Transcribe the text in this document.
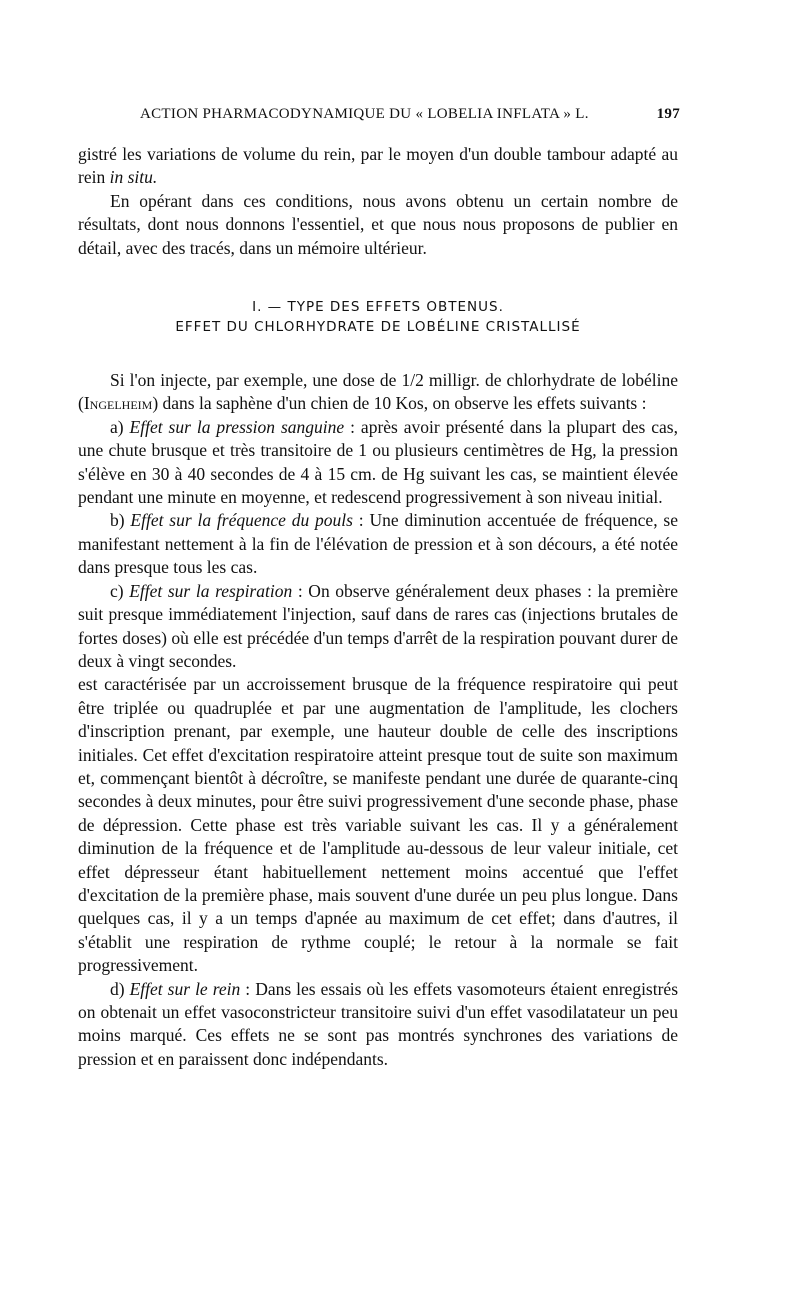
ACTION PHARMACODYNAMIQUE DU « LOBELIA INFLATA » L.	197

gistré les variations de volume du rein, par le moyen d'un double tambour adapté au rein in situ.

En opérant dans ces conditions, nous avons obtenu un certain nombre de résultats, dont nous donnons l'essentiel, et que nous nous proposons de publier en détail, avec des tracés, dans un mémoire ultérieur.

I. — TYPE DES EFFETS OBTENUS.
EFFET DU CHLORHYDRATE DE LOBÉLINE CRISTALLISÉ

Si l'on injecte, par exemple, une dose de 1/2 milligr. de chlorhydrate de lobéline (Ingelheim) dans la saphène d'un chien de 10 Kos, on observe les effets suivants :

a) Effet sur la pression sanguine : après avoir présenté dans la plupart des cas, une chute brusque et très transitoire de 1 ou plusieurs centimètres de Hg, la pression s'élève en 30 à 40 secondes de 4 à 15 cm. de Hg suivant les cas, se maintient élevée pendant une minute en moyenne, et redescend progressivement à son niveau initial.

b) Effet sur la fréquence du pouls : Une diminution accentuée de fréquence, se manifestant nettement à la fin de l'élévation de pression et à son décours, a été notée dans presque tous les cas.

c) Effet sur la respiration : On observe généralement deux phases : la première suit presque immédiatement l'injection, sauf dans de rares cas (injections brutales de fortes doses) où elle est précédée d'un temps d'arrêt de la respiration pouvant durer de deux à vingt secondes.

est caractérisée par un accroissement brusque de la fréquence respiratoire qui peut être triplée ou quadruplée et par une augmentation de l'amplitude, les clochers d'inscription prenant, par exemple, une hauteur double de celle des inscriptions initiales. Cet effet d'excitation respiratoire atteint presque tout de suite son maximum et, commençant bientôt à décroître, se manifeste pendant une durée de quarante-cinq secondes à deux minutes, pour être suivi progressivement d'une seconde phase, phase de dépression. Cette phase est très variable suivant les cas. Il y a généralement diminution de la fréquence et de l'amplitude au-dessous de leur valeur initiale, cet effet dépresseur étant habituellement nettement moins accentué que l'effet d'excitation de la première phase, mais souvent d'une durée un peu plus longue. Dans quelques cas, il y a un temps d'apnée au maximum de cet effet; dans d'autres, il s'établit une respiration de rythme couplé; le retour à la normale se fait progressivement.

d) Effet sur le rein : Dans les essais où les effets vasomoteurs étaient enregistrés on obtenait un effet vasoconstricteur transitoire suivi d'un effet vasodilatateur un peu moins marqué. Ces effets ne se sont pas montrés synchrones des variations de pression et en paraissent donc indépendants.
